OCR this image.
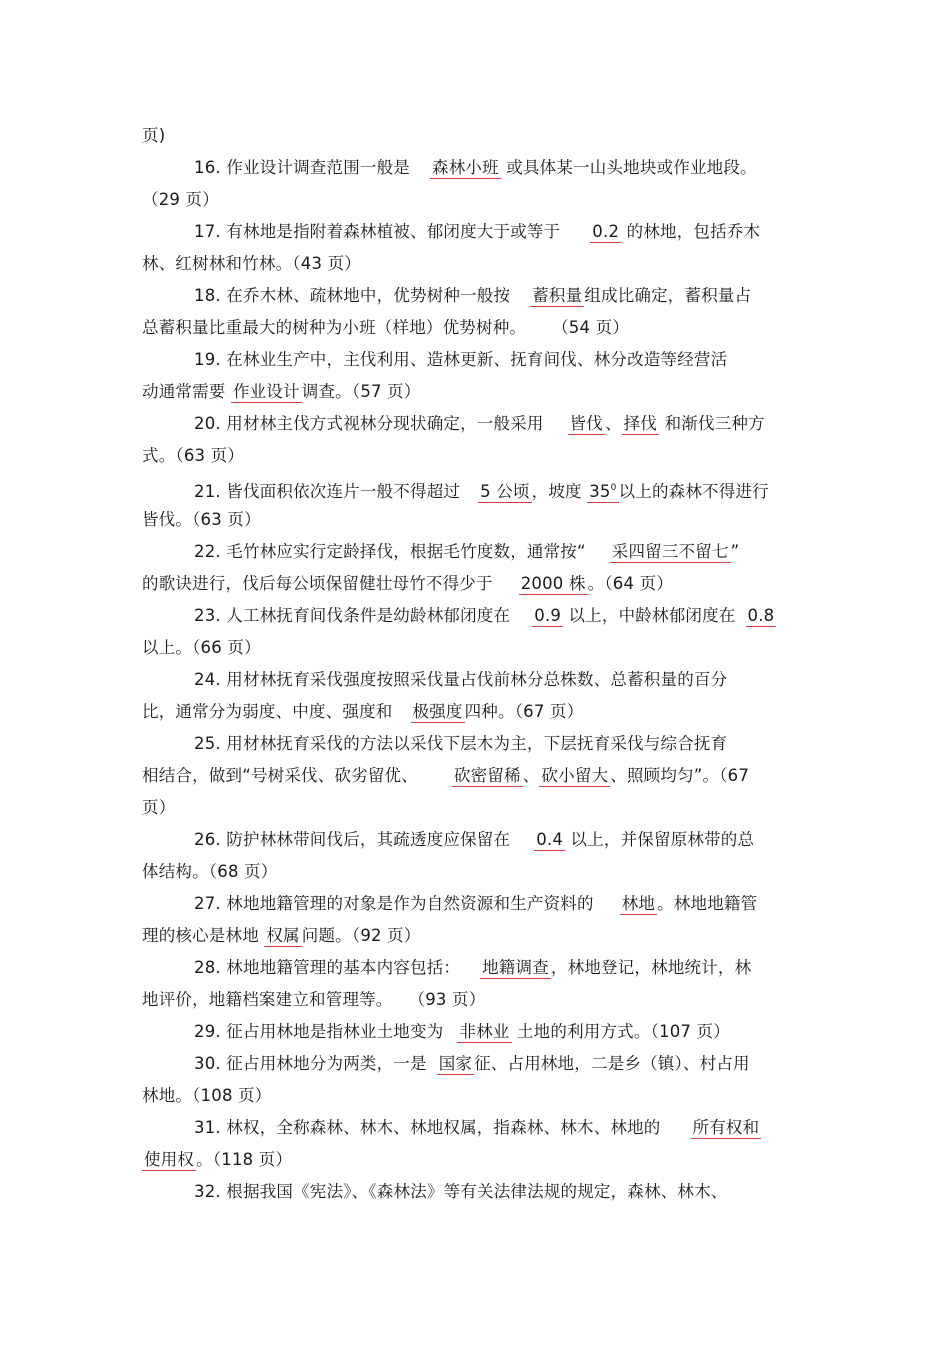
页)
16. 作业设计调查范围一般是 森林小班 或具体某一山头地块或作业地段。
（29 页）
17. 有林地是指附着森林植被、郁闭度大于或等于 0.2 的林地，包括乔木
林、红树林和竹林。（43 页）
18. 在乔木林、疏林地中，优势树种一般按 蓄积量 组成比确定，蓄积量占
总蓄积量比重最大的树种为小班（样地）优势树种。 （54 页）
19. 在林业生产中，主伐利用、造林更新、抚育间伐、林分改造等经营活
动通常需要 作业设计 调查。（57 页）
20. 用材林主伐方式视林分现状确定，一般采用 皆伐 、 择伐 和渐伐三种方
式。（63 页）
21. 皆伐面积依次连片一般不得超过 5 公顷 ，坡度 $35^0$ 以上的森林不得进行
皆伐。（63 页）
22. 毛竹林应实行定龄择伐，根据毛竹度数，通常按“ 采四留三不留七 ”
的歌诀进行，伐后每公顷保留健壮母竹不得少于 2000 株 。（64 页）
23. 人工林抚育间伐条件是幼龄林郁闭度在 0.9 以上，中龄林郁闭度在 0.8
以上。（66 页）
24. 用材林抚育采伐强度按照采伐量占伐前林分总株数、总蓄积量的百分
比，通常分为弱度、中度、强度和 极强度 四种。（67 页）
25. 用材林抚育采伐的方法以采伐下层木为主，下层抚育采伐与综合抚育
相结合，做到“号树采伐、砍劣留优、 砍密留稀 、 砍小留大 、照顾均匀”。（67
页）
26. 防护林林带间伐后，其疏透度应保留在 0.4 以上，并保留原林带的总
体结构。（68 页）
27. 林地地籍管理的对象是作为自然资源和生产资料的 林地 。林地地籍管
理的核心是林地 权属 问题。（92 页）
28. 林地地籍管理的基本内容包括： 地籍调查 ，林地登记，林地统计，林
地评价，地籍档案建立和管理等。 （93 页）
29. 征占用林地是指林业土地变为 非林业 土地的利用方式。（107 页）
30. 征占用林地分为两类，一是 国家 征、占用林地，二是乡（镇）、村占用
林地。（108 页）
31. 林权，全称森林、林木、林地权属，指森林、林木、林地的 所有权和
使用权 。（118 页）
32. 根据我国《宪法》、《森林法》等有关法律法规的规定，森林、林木、
